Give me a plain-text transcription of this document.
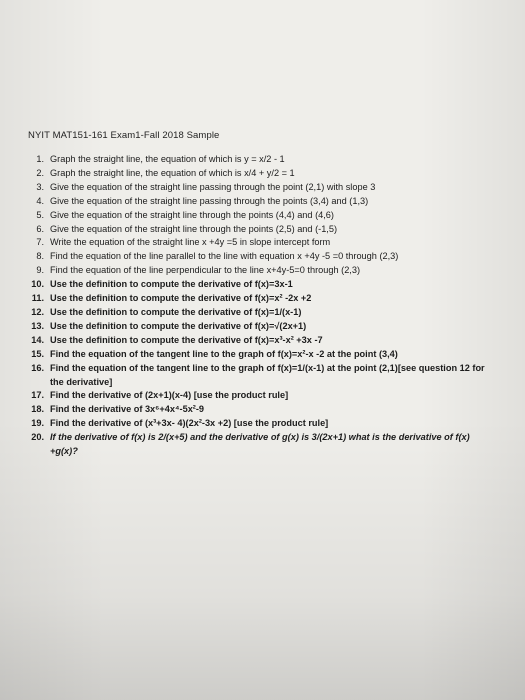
NYIT MAT151-161 Exam1-Fall 2018 Sample
1. Graph the straight line, the equation of which is y = x/2 - 1
2. Graph the straight line, the equation of which is x/4 + y/2 = 1
3. Give the equation of the straight line passing through the point (2,1) with slope 3
4. Give the equation of the straight line passing through the points (3,4) and (1,3)
5. Give the equation of the straight line through the points (4,4) and (4,6)
6. Give the equation of the straight line through the points (2,5) and (-1,5)
7. Write the equation of the straight line x +4y =5 in slope intercept form
8. Find the equation of the line parallel to the line with equation x +4y -5 =0 through (2,3)
9. Find the equation of the line perpendicular to the line x+4y-5=0 through (2,3)
10. Use the definition to compute the derivative of f(x)=3x-1
11. Use the definition to compute the derivative of f(x)=x² -2x +2
12. Use the definition to compute the derivative of f(x)=1/(x-1)
13. Use the definition to compute the derivative of f(x)=√(2x+1)
14. Use the definition to compute the derivative of f(x)=x³-x² +3x -7
15. Find the equation of the tangent line to the graph of f(x)=x²-x -2 at the point (3,4)
16. Find the equation of the tangent line to the graph of f(x)=1/(x-1) at the point (2,1)[see question 12 for the derivative]
17. Find the derivative of (2x+1)(x-4) [use the product rule]
18. Find the derivative of 3x⁶+4x⁴-5x²-9
19. Find the derivative of (x³+3x- 4)(2x²-3x +2) [use the product rule]
20. If the derivative of f(x) is 2/(x+5) and the derivative of g(x) is 3/(2x+1) what is the derivative of f(x) +g(x)?
